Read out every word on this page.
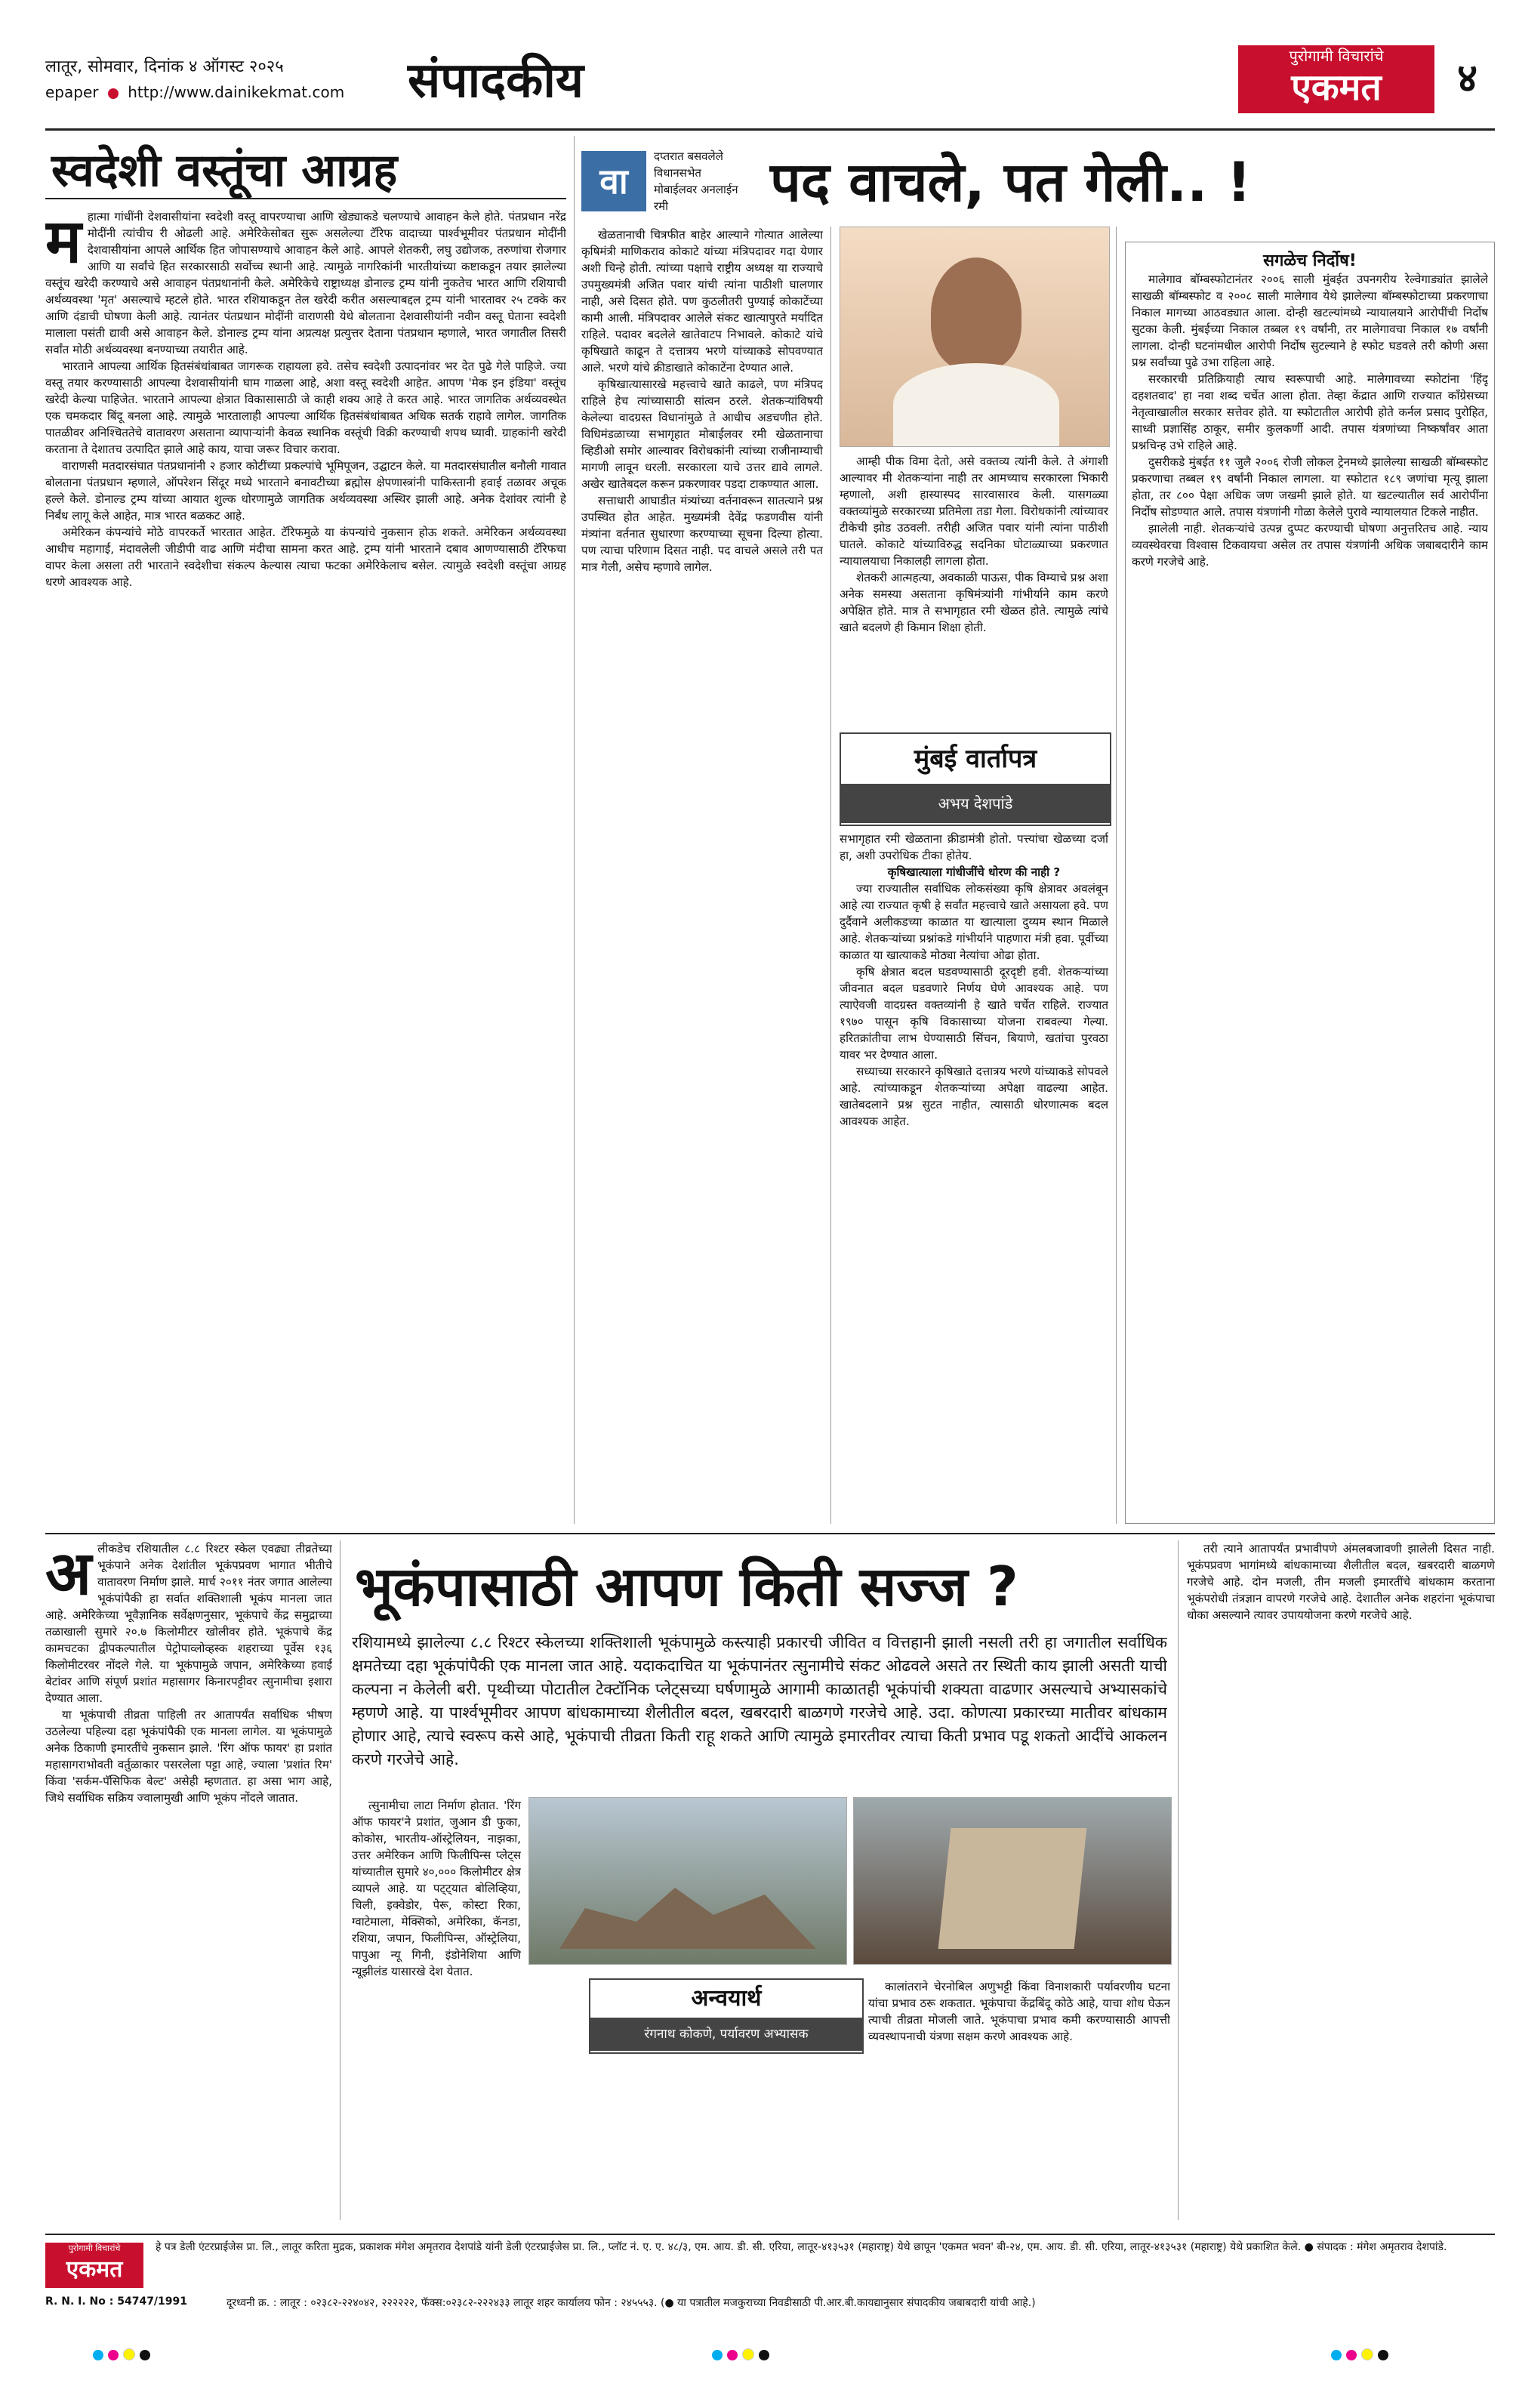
लातूर, सोमवार, दिनांक ४ ऑगस्ट २०२५
epaper http://www.dainikekmat.com संपादकीय	पुरोगामी विचारांचे
एकमत	४
स्वदेशी वस्तूंचा आग्रह
म हात्मा गांधींनी देशवासीयांना स्वदेशी वस्तू वापरण्याचा आणि खेड्याकडे चलण्याचे आवाहन केले होते. पंतप्रधान नरेंद्र मोदींनी त्यांचीच री ओढली आहे. अमेरिकेसोबत सुरू असलेल्या टॅरिफ वादाच्या पार्श्वभूमीवर पंतप्रधान मोदींनी देशवासीयांना आपले आर्थिक हित जोपासण्याचे आवाहन केले आहे. आपले शेतकरी, लघु उद्योजक, तरुणांचा रोजगार आणि या सर्वांचे हित सरकारसाठी सर्वोच्च स्थानी आहे. त्यामुळे नागरिकांनी भारतीयांच्या कष्टाकडून तयार झालेल्या वस्तूंच खरेदी करण्याचे असे आवाहन पंतप्रधानांनी केले. अमेरिकेचे राष्ट्राध्यक्ष डोनाल्ड ट्रम्प यांनी नुकतेच भारत आणि रशियाची अर्थव्यवस्था 'मृत' असल्याचे म्हटले होते. भारत रशियाकडून तेल खरेदी करीत असल्याबद्दल ट्रम्प यांनी भारतावर २५ टक्के कर आणि दंडाची घोषणा केली आहे. त्यानंतर पंतप्रधान मोदींनी वाराणसी येथे बोलताना देशवासीयांनी नवीन वस्तू घेताना स्वदेशी मालाला पसंती द्यावी असे आवाहन केले. डोनाल्ड ट्रम्प यांना अप्रत्यक्ष प्रत्युत्तर देताना पंतप्रधान म्हणाले, भारत जगातील तिसरी सर्वांत मोठी अर्थव्यवस्था बनण्याच्या तयारीत आहे.

भारताने आपल्या आर्थिक हितसंबंधांबाबत जागरूक राहायला हवे. तसेच स्वदेशी उत्पादनांवर भर देत पुढे गेले पाहिजे. ज्या वस्तू तयार करण्यासाठी आपल्या देशवासीयांनी घाम गाळला आहे, अशा वस्तू स्वदेशी आहेत. आपण 'मेक इन इंडिया' वस्तूंच खरेदी केल्या पाहिजेत. भारताने आपल्या क्षेत्रात विकासासाठी जे काही शक्य आहे ते करत आहे. भारत जागतिक अर्थव्यवस्थेत एक चमकदार बिंदू बनला आहे. त्यामुळे भारतालाही आपल्या आर्थिक हितसंबंधांबाबत अधिक सतर्क राहावे लागेल. जागतिक पातळीवर अनिश्चिततेचे वातावरण असताना व्यापाऱ्यांनी केवळ स्थानिक वस्तूंची विक्री करण्याची शपथ घ्यावी. ग्राहकांनी खरेदी करताना ते देशातच उत्पादित झाले आहे काय, याचा जरूर विचार करावा.

वाराणसी मतदारसंघात पंतप्रधानांनी २ हजार कोटींच्या प्रकल्पांचे भूमिपूजन, उद्घाटन केले. या मतदारसंघातील बनौली गावात बोलताना पंतप्रधान म्हणाले, ऑपरेशन सिंदूर मध्ये भारताने बनावटीच्या ब्रह्मोस क्षेपणास्त्रांनी पाकिस्तानी हवाई तळावर अचूक हल्ले केले. डोनाल्ड ट्रम्प यांच्या आयात शुल्क धोरणामुळे जागतिक अर्थव्यवस्था अस्थिर झाली आहे. अनेक देशांवर त्यांनी हे निर्बंध लागू केले आहेत, मात्र भारत बळकट आहे.

अमेरिकन कंपन्यांचे मोठे वापरकर्ते भारतात आहेत. टॅरिफमुळे या कंपन्यांचे नुकसान होऊ शकते. अमेरिकन अर्थव्यवस्था आधीच महागाई, मंदावलेली जीडीपी वाढ आणि मंदीचा सामना करत आहे. ट्रम्प यांनी भारताने दबाव आणण्यासाठी टॅरिफचा वापर केला असला तरी भारताने स्वदेशीचा संकल्प केल्यास त्याचा फटका अमेरिकेलाच बसेल. त्यामुळे स्वदेशी वस्तूंचा आग्रह धरणे आवश्यक आहे.

वा
दप्तरात बसवलेले विधानसभेत मोबाईलवर अनलाईन रमी	पद वाचले, पत गेली.. !

खेळतानाची चित्रफीत बाहेर आल्याने गोत्यात आलेल्या कृषिमंत्री माणिकराव कोकाटे यांच्या मंत्रिपदावर गदा येणार अशी चिन्हे होती. त्यांच्या पक्षाचे राष्ट्रीय अध्यक्ष या राज्याचे उपमुख्यमंत्री अजित पवार यांची त्यांना पाठीशी घालणार नाही, असे दिसत होते. पण कुठलीतरी पुण्याई कोकाटेंच्या कामी आली. मंत्रिपदावर आलेले संकट खात्यापुरते मर्यादित राहिले. पदावर बदलेले खातेवाटप निभावले. कोकाटे यांचे कृषिखाते काढून ते दत्तात्रय भरणे यांच्याकडे सोपवण्यात आले. भरणे यांचे क्रीडाखाते कोकाटेंना देण्यात आले.

कृषिखात्यासारखे महत्त्वाचे खाते काढले, पण मंत्रिपद राहिले हेच त्यांच्यासाठी सांत्वन ठरले. शेतकऱ्यांविषयी केलेल्या वादग्रस्त विधानांमुळे ते आधीच अडचणीत होते. विधिमंडळाच्या सभागृहात मोबाईलवर रमी खेळतानाचा व्हिडीओ समोर आल्यावर विरोधकांनी त्यांच्या राजीनाम्याची मागणी लावून धरली. सरकारला याचे उत्तर द्यावे लागले. अखेर खातेबदल करून प्रकरणावर पडदा टाकण्यात आला.

सत्ताधारी आघाडीत मंत्र्यांच्या वर्तनावरून सातत्याने प्रश्न उपस्थित होत आहेत. मुख्यमंत्री देवेंद्र फडणवीस यांनी मंत्र्यांना वर्तनात सुधारणा करण्याच्या सूचना दिल्या होत्या. पण त्याचा परिणाम दिसत नाही. पद वाचले असले तरी पत मात्र गेली, असेच म्हणावे लागेल.

आम्ही पीक विमा देतो, असे वक्तव्य त्यांनी केले. ते अंगाशी आल्यावर मी शेतकऱ्यांना नाही तर आमच्याच सरकारला भिकारी म्हणालो, अशी हास्यास्पद सारवासारव केली. यासगळ्या वक्तव्यांमुळे सरकारच्या प्रतिमेला तडा गेला. विरोधकांनी त्यांच्यावर टीकेची झोड उठवली. तरीही अजित पवार यांनी त्यांना पाठीशी घातले. कोकाटे यांच्याविरुद्ध सदनिका घोटाळ्याच्या प्रकरणात न्यायालयाचा निकालही लागला होता.

शेतकरी आत्महत्या, अवकाळी पाऊस, पीक विम्याचे प्रश्न अशा अनेक समस्या असताना कृषिमंत्र्यांनी गांभीर्याने काम करणे अपेक्षित होते. मात्र ते सभागृहात रमी खेळत होते. त्यामुळे त्यांचे खाते बदलणे ही किमान शिक्षा होती.

मुंबई वार्तापत्र
अभय देशपांडे

सभागृहात रमी खेळताना क्रीडामंत्री होतो. पत्त्यांचा खेळच्या दर्जा हा, अशी उपरोधिक टीका होतेय.

कृषिखात्याला गांधीजींचे धोरण की नाही ?

ज्या राज्यातील सर्वाधिक लोकसंख्या कृषि क्षेत्रावर अवलंबून आहे त्या राज्यात कृषी हे सर्वांत महत्त्वाचे खाते असायला हवे. पण दुर्दैवाने अलीकडच्या काळात या खात्याला दुय्यम स्थान मिळाले आहे. शेतकऱ्यांच्या प्रश्नांकडे गांभीर्याने पाहणारा मंत्री हवा. पूर्वीच्या काळात या खात्याकडे मोठ्या नेत्यांचा ओढा होता.

कृषि क्षेत्रात बदल घडवण्यासाठी दूरदृष्टी हवी. शेतकऱ्यांच्या जीवनात बदल घडवणारे निर्णय घेणे आवश्यक आहे. पण त्याऐवजी वादग्रस्त वक्तव्यांनी हे खाते चर्चेत राहिले. राज्यात १९७० पासून कृषि विकासाच्या योजना राबवल्या गेल्या. हरितक्रांतीचा लाभ घेण्यासाठी सिंचन, बियाणे, खतांचा पुरवठा यावर भर देण्यात आला.

सध्याच्या सरकारने कृषिखाते दत्तात्रय भरणे यांच्याकडे सोपवले आहे. त्यांच्याकडून शेतकऱ्यांच्या अपेक्षा वाढल्या आहेत. खातेबदलाने प्रश्न सुटत नाहीत, त्यासाठी धोरणात्मक बदल आवश्यक आहेत.

सगळेच निर्दोष!

मालेगाव बॉम्बस्फोटानंतर २००६ साली मुंबईत उपनगरीय रेल्वेगाड्यांत झालेले साखळी बॉम्बस्फोट व २००८ साली मालेगाव येथे झालेल्या बॉम्बस्फोटाच्या प्रकरणाचा निकाल मागच्या आठवड्यात आला. दोन्ही खटल्यांमध्ये न्यायालयाने आरोपींची निर्दोष सुटका केली. मुंबईच्या निकाल तब्बल १९ वर्षांनी, तर मालेगावचा निकाल १७ वर्षांनी लागला. दोन्ही घटनांमधील आरोपी निर्दोष सुटल्याने हे स्फोट घडवले तरी कोणी असा प्रश्न सर्वांच्या पुढे उभा राहिला आहे.

सरकारची प्रतिक्रियाही त्याच स्वरूपाची आहे. मालेगावच्या स्फोटांना 'हिंदू दहशतवाद' हा नवा शब्द चर्चेत आला होता. तेव्हा केंद्रात आणि राज्यात काँग्रेसच्या नेतृत्वाखालील सरकार सत्तेवर होते. या स्फोटातील आरोपी होते कर्नल प्रसाद पुरोहित, साध्वी प्रज्ञासिंह ठाकूर, समीर कुलकर्णी आदी. तपास यंत्रणांच्या निष्कर्षांवर आता प्रश्नचिन्ह उभे राहिले आहे.

दुसरीकडे मुंबईत ११ जुलै २००६ रोजी लोकल ट्रेनमध्ये झालेल्या साखळी बॉम्बस्फोट प्रकरणाचा तब्बल १९ वर्षांनी निकाल लागला. या स्फोटात १८९ जणांचा मृत्यू झाला होता, तर ८०० पेक्षा अधिक जण जखमी झाले होते. या खटल्यातील सर्व आरोपींना निर्दोष सोडण्यात आले. तपास यंत्रणांनी गोळा केलेले पुरावे न्यायालयात टिकले नाहीत.

झालेली नाही. शेतकऱ्यांचे उत्पन्न दुप्पट करण्याची घोषणा अनुत्तरितच आहे. न्याय व्यवस्थेवरचा विश्वास टिकवायचा असेल तर तपास यंत्रणांनी अधिक जबाबदारीने काम करणे गरजेचे आहे.

भूकंपासाठी आपण किती सज्ज ?
अ लीकडेच रशियातील ८.८ रिश्टर स्केल एवढ्या तीव्रतेच्या भूकंपाने अनेक देशांतील भूकंपप्रवण भागात भीतीचे वातावरण निर्माण झाले. मार्च २०११ नंतर जगात आलेल्या भूकंपांपैकी हा सर्वात शक्तिशाली भूकंप मानला जात आहे. अमेरिकेच्या भूवैज्ञानिक सर्वेक्षणनुसार, भूकंपाचे केंद्र समुद्राच्या तळाखाली सुमारे २०.७ किलोमीटर खोलीवर होते. भूकंपाचे केंद्र कामचटका द्वीपकल्पातील पेट्रोपाव्लोव्हस्क शहराच्या पूर्वेस १३६ किलोमीटरवर नोंदले गेले. या भूकंपामुळे जपान, अमेरिकेच्या हवाई बेटांवर आणि संपूर्ण प्रशांत महासागर किनारपट्टीवर त्सुनामीचा इशारा देण्यात आला.

या भूकंपाची तीव्रता पाहिली तर आतापर्यंत सर्वाधिक भीषण उठलेल्या पहिल्या दहा भूकंपांपैकी एक मानला लागेल. या भूकंपामुळे अनेक ठिकाणी इमारतींचे नुकसान झाले. 'रिंग ऑफ फायर' हा प्रशांत महासागराभोवती वर्तुळाकार पसरलेला पट्टा आहे, ज्याला 'प्रशांत रिम' किंवा 'सर्कम-पॅसिफिक बेल्ट' असेही म्हणतात. हा असा भाग आहे, जिथे सर्वाधिक सक्रिय ज्वालामुखी आणि भूकंप नोंदले जातात.

रशियामध्ये झालेल्या ८.८ रिश्टर स्केलच्या शक्तिशाली भूकंपामुळे कस्त्याही प्रकारची जीवित व वित्तहानी झाली नसली तरी हा जगातील सर्वाधिक क्षमतेच्या दहा भूकंपांपैकी एक मानला जात आहे. यदाकदाचित या भूकंपानंतर त्सुनामीचे संकट ओढवले असते तर स्थिती काय झाली असती याची कल्पना न केलेली बरी. पृथ्वीच्या पोटातील टेक्टॉनिक प्लेट्सच्या घर्षणामुळे आगामी काळातही भूकंपांची शक्यता वाढणार असल्याचे अभ्यासकांचे म्हणणे आहे. या पार्श्वभूमीवर आपण बांधकामाच्या शैलीतील बदल, खबरदारी बाळगणे गरजेचे आहे. उदा. कोणत्या प्रकारच्या मातीवर बांधकाम होणार आहे, त्याचे स्वरूप कसे आहे, भूकंपाची तीव्रता किती राहू शकते आणि त्यामुळे इमारतीवर त्याचा किती प्रभाव पडू शकतो आदींचे आकलन करणे गरजेचे आहे.

त्सुनामीचा लाटा निर्माण होतात. 'रिंग ऑफ फायर'ने प्रशांत, जुआन डी फुका, कोकोस, भारतीय-ऑस्ट्रेलियन, नाझका, उत्तर अमेरिकन आणि फिलीपिन्स प्लेट्स यांच्यातील सुमारे ४०,००० किलोमीटर क्षेत्र व्यापले आहे. या पट्ट्यात बोलिव्हिया, चिली, इक्वेडोर, पेरू, कोस्टा रिका, ग्वाटेमाला, मेक्सिको, अमेरिका, कॅनडा, रशिया, जपान, फिलीपिन्स, ऑस्ट्रेलिया, पापुआ न्यू गिनी, इंडोनेशिया आणि न्यूझीलंड यासारखे देश येतात.

अन्वयार्थ
रंगनाथ कोकणे, पर्यावरण अभ्यासक

कालांतराने चेरनोबिल अणुभट्टी किंवा विनाशकारी पर्यावरणीय घटना यांचा प्रभाव ठरू शकतात. भूकंपाचा केंद्रबिंदू कोठे आहे, याचा शोध घेऊन त्याची तीव्रता मोजली जाते. भूकंपाचा प्रभाव कमी करण्यासाठी आपत्ती व्यवस्थापनाची यंत्रणा सक्षम करणे आवश्यक आहे.

तरी त्याने आतापर्यंत प्रभावीपणे अंमलबजावणी झालेली दिसत नाही. भूकंपप्रवण भागांमध्ये बांधकामाच्या शैलीतील बदल, खबरदारी बाळगणे गरजेचे आहे. दोन मजली, तीन मजली इमारतींचे बांधकाम करताना भूकंपरोधी तंत्रज्ञान वापरणे गरजेचे आहे. देशातील अनेक शहरांना भूकंपाचा धोका असल्याने त्यावर उपाययोजना करणे गरजेचे आहे.

पुरोगामी विचारांचे
एकमत
हे पत्र डेली एंटरप्राईजेस प्रा. लि., लातूर करिता मुद्रक, प्रकाशक मंगेश अमृतराव देशपांडे यांनी डेली एंटरप्राईजेस प्रा. लि., प्लॉट नं. ए. ए. ४८/३, एम. आय. डी. सी. एरिया, लातूर-४१३५३१ (महाराष्ट्र) येथे छापून 'एकमत भवन' बी-२४, एम. आय. डी. सी. एरिया, लातूर-४१३५३१ (महाराष्ट्र) येथे प्रकाशित केले. ● संपादक : मंगेश अमृतराव देशपांडे.
R. N. I. No : 54747/1991	दूरध्वनी क्र. : लातूर : ०२३८२-२२४०४२, २२२२२२, फॅक्स:०२३८२-२२२४३३ लातूर शहर कार्यालय फोन : २४५५५३. (● या पत्रातील मजकुराच्या निवडीसाठी पी.आर.बी.कायद्यानुसार संपादकीय जबाबदारी यांची आहे.)
